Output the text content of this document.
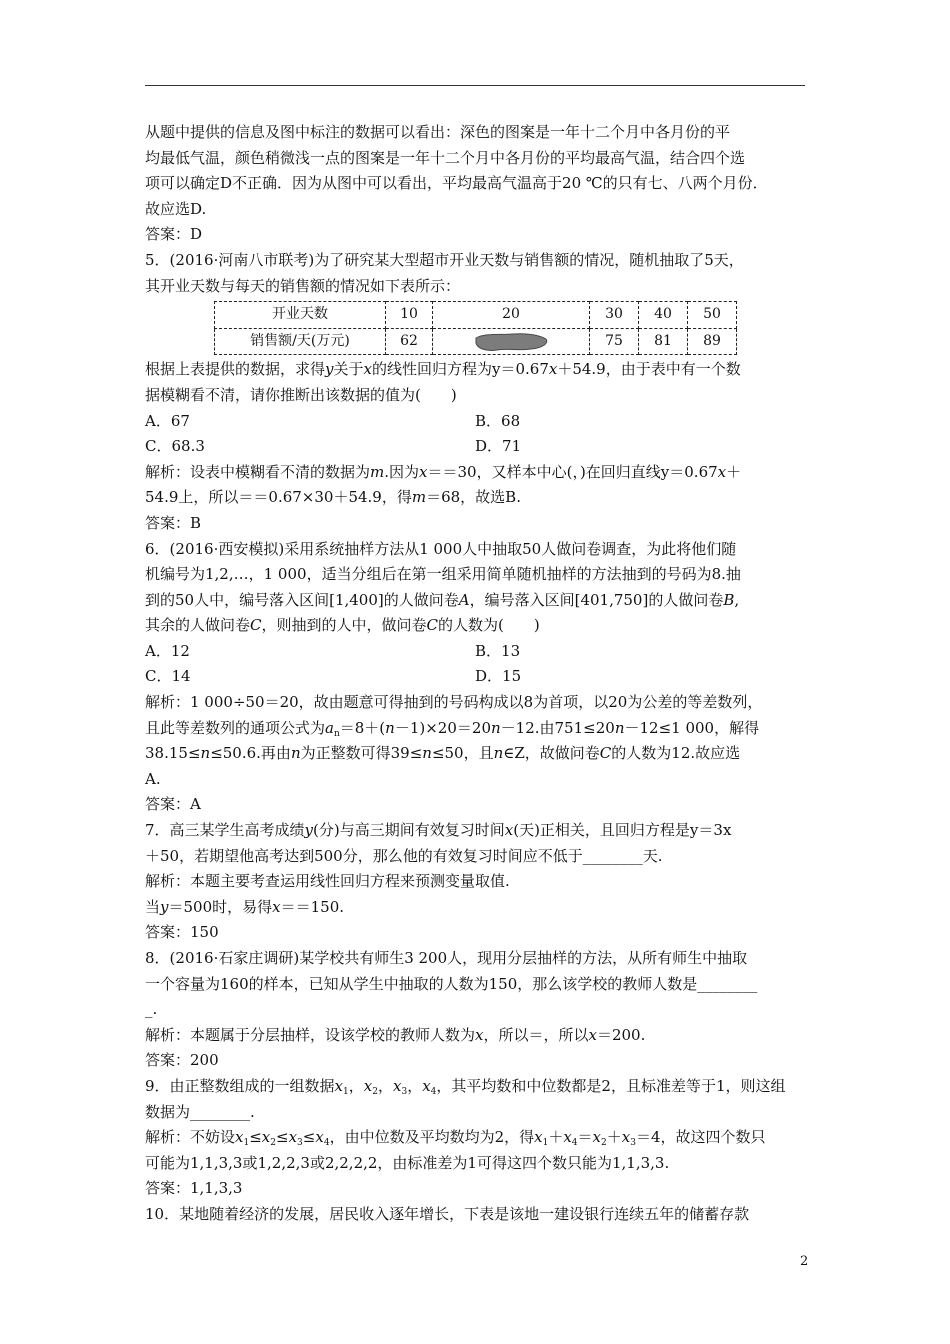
从题中提供的信息及图中标注的数据可以看出：深色的图案是一年十二个月中各月份的平
均最低气温，颜色稍微浅一点的图案是一年十二个月中各月份的平均最高气温，结合四个选
项可以确定D不正确．因为从图中可以看出，平均最高气温高于20 ℃的只有七、八两个月份．
故应选D.
答案：D
5．(2016·河南八市联考)为了研究某大型超市开业天数与销售额的情况，随机抽取了5天，
其开业天数与每天的销售额的情况如下表所示：
开业天数	10	20	30	40	50
销售额/天(万元)	62		75	81	89
根据上表提供的数据，求得y关于x的线性回归方程为y＝0.67x＋54.9，由于表中有一个数
据模糊看不清，请你推断出该数据的值为(　　)
A．67	B．68
C．68.3	D．71
解析：设表中模糊看不清的数据为m.因为x＝＝30，又样本中心(，)在回归直线y＝0.67x＋
54.9上，所以＝＝0.67×30＋54.9，得m＝68，故选B.
答案：B
6．(2016·西安模拟)采用系统抽样方法从1 000人中抽取50人做问卷调查，为此将他们随
机编号为1,2,…，1 000，适当分组后在第一组采用简单随机抽样的方法抽到的号码为8.抽
到的50人中，编号落入区间[1,400]的人做问卷A，编号落入区间[401,750]的人做问卷B,
其余的人做问卷C，则抽到的人中，做问卷C的人数为(　　)
A．12	B．13
C．14	D．15
解析：1 000÷50＝20，故由题意可得抽到的号码构成以8为首项，以20为公差的等差数列，
且此等差数列的通项公式为$a_n=8+(n-1)\times 20=20n-12$.由751≤20n－12≤1 000，解得
38.15≤n≤50.6.再由n为正整数可得39≤n≤50，且n∈Z，故做问卷C的人数为12.故应选
A.
答案：A
7．高三某学生高考成绩y(分)与高三期间有效复习时间x(天)正相关，且回归方程是y＝3x
＋50，若期望他高考达到500分，那么他的有效复习时间应不低于________天.
解析：本题主要考查运用线性回归方程来预测变量取值.
当y＝500时，易得x＝＝150.
答案：150
8．(2016·石家庄调研)某学校共有师生3 200人，现用分层抽样的方法，从所有师生中抽取
一个容量为160的样本，已知从学生中抽取的人数为150，那么该学校的教师人数是________
_.
解析：本题属于分层抽样，设该学校的教师人数为x，所以＝，所以x＝200.
答案：200
9．由正整数组成的一组数据$x_1$，$x_2$，$x_3$，$x_4$，其平均数和中位数都是2，且标准差等于1，则这组
数据为________.
解析：不妨设$x_1\le x_2\le x_3\le x_4$，由中位数及平均数均为2，得$x_1+x_4=x_2+x_3=4$，故这四个数只
可能为1,1,3,3或1,2,2,3或2,2,2,2，由标准差为1可得这四个数只能为1,1,3,3.
答案：1,1,3,3
10．某地随着经济的发展，居民收入逐年增长，下表是该地一建设银行连续五年的储蓄存款
2
